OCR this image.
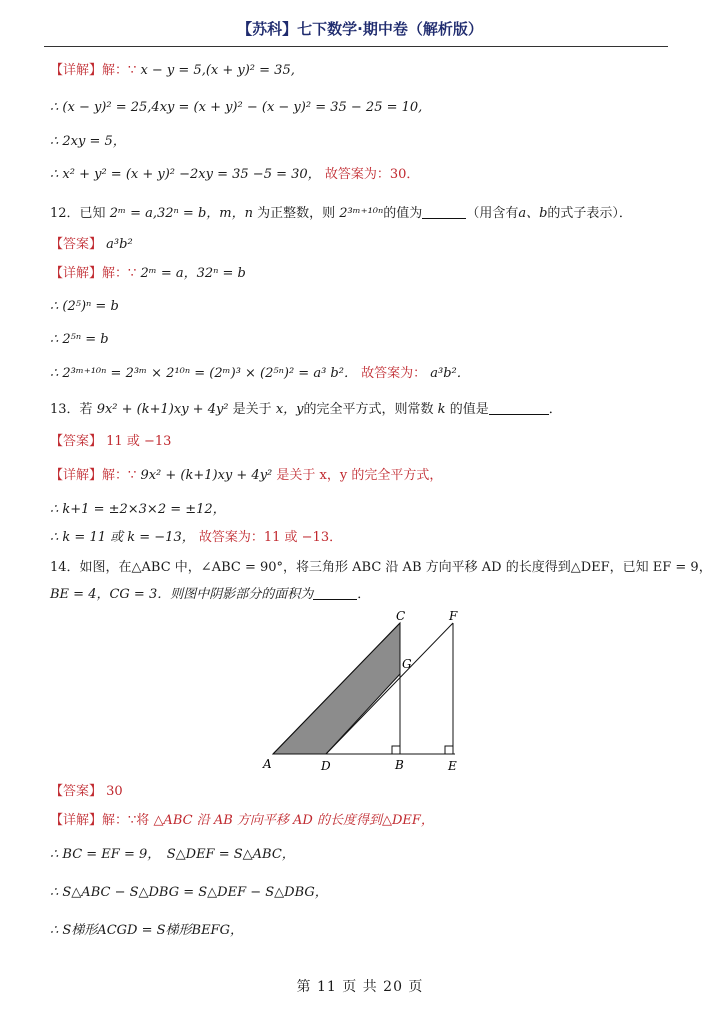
【苏科】七下数学·期中卷（解析版）
【详解】解：∵ x − y = 5,(x + y)² = 35,
∴ (x − y)² = 25,4xy = (x + y)² − (x − y)² = 35 − 25 = 10,
∴ 2xy = 5，
∴ x² + y² = (x + y)² −2xy = 35 −5 = 30， 故答案为：30．
12．已知 2ᵐ = a,32ⁿ = b，m，n 为正整数，则 2³ᵐ⁺¹⁰ⁿ的值为	（用含有a、b的式子表示）．
【答案】 a³b²
【详解】解：∵ 2ᵐ = a，32ⁿ = b
∴ (2⁵)ⁿ = b
∴ 2⁵ⁿ = b
∴ 2³ᵐ⁺¹⁰ⁿ = 2³ᵐ × 2¹⁰ⁿ = (2ᵐ)³ × (2⁵ⁿ)² = a³ b²． 故答案为： a³b²．
13．若 9x² + (k+1)xy + 4y² 是关于 x，y的完全平方式，则常数 k 的值是	．
【答案】 11 或 −13
【详解】解：∵ 9x² + (k+1)xy + 4y² 是关于 x，y 的完全平方式，
∴ k+1 = ±2×3×2 = ±12，
∴ k = 11 或 k = −13， 故答案为：11 或 −13．
14．如图，在△ABC 中，∠ABC = 90°，将三角形 ABC 沿 AB 方向平移 AD 的长度得到△DEF，已知 EF = 9，
BE = 4，CG = 3．则图中阴影部分的面积为	．
A	D	B	E
C	F
G
【答案】 30
【详解】解：∵将 △ABC 沿 AB 方向平移 AD 的长度得到△DEF，
∴ BC = EF = 9，　S△DEF = S△ABC，
∴ S△ABC − S△DBG = S△DEF − S△DBG，
∴ S梯形ACGD = S梯形BEFG，
第 11 页 共 20 页
